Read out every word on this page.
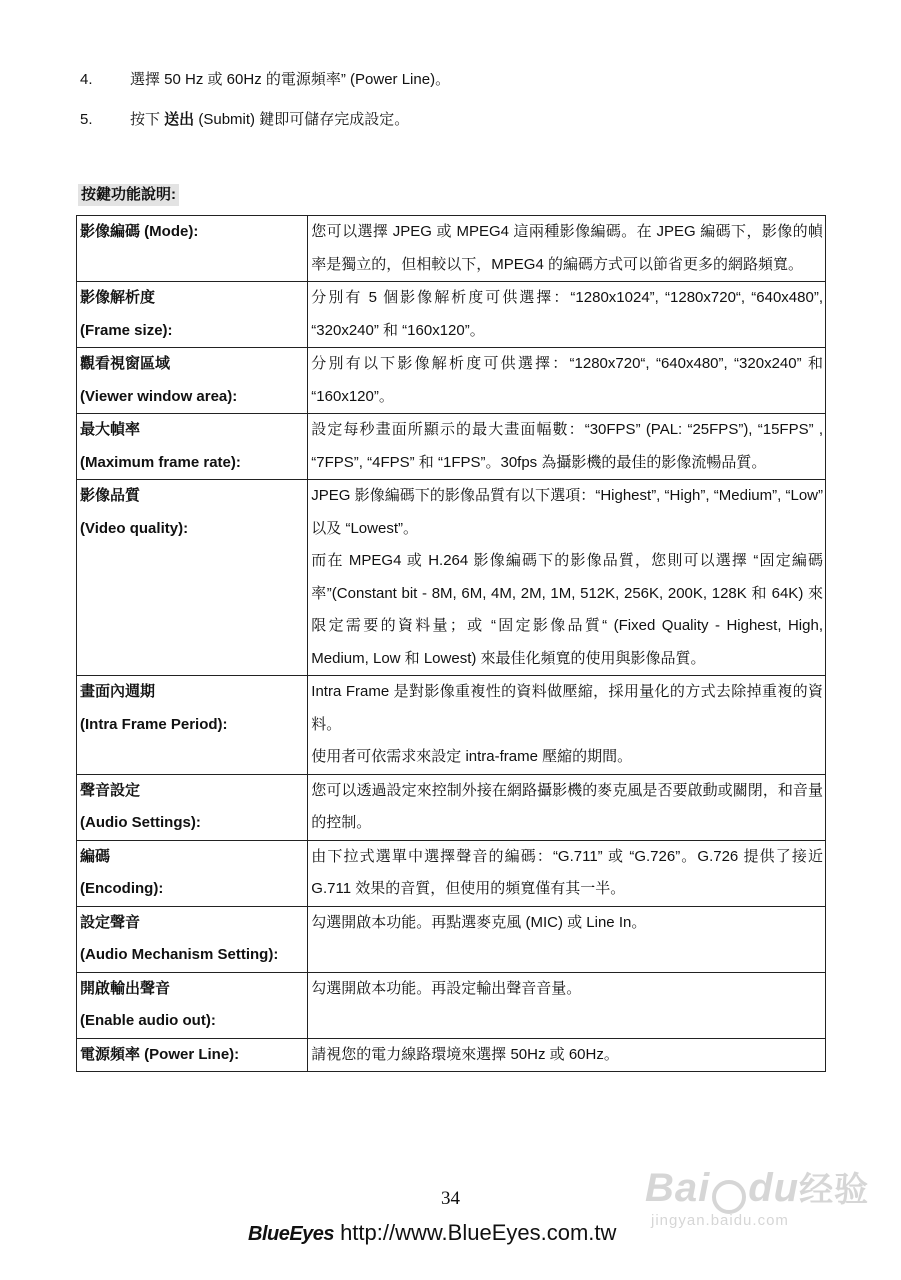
4. 選擇 50 Hz 或 60Hz 的電源頻率” (Power Line)。
5. 按下 送出 (Submit) 鍵即可儲存完成設定。
按鍵功能說明:
影像編碼 (Mode):	您可以選擇 JPEG 或 MPEG4 這兩種影像編碼。在 JPEG 編碼下，影像的幀率是獨立的，但相較以下，MPEG4 的編碼方式可以節省更多的網路頻寬。

影像解析度
(Frame size):	分別有 5 個影像解析度可供選擇：“1280x1024”, “1280x720“, “640x480”, “320x240” 和 “160x120”。

觀看視窗區域
(Viewer window area):	分別有以下影像解析度可供選擇：“1280x720“, “640x480”, “320x240” 和 “160x120”。

最大幀率
(Maximum frame rate):	設定每秒畫面所顯示的最大畫面幅數：“30FPS” (PAL: “25FPS”), “15FPS” , “7FPS”, “4FPS” 和 “1FPS”。30fps 為攝影機的最佳的影像流暢品質。

影像品質
(Video quality):	JPEG 影像編碼下的影像品質有以下選項：“Highest”, “High”, “Medium”, “Low” 以及 “Lowest”。
而在 MPEG4 或 H.264 影像編碼下的影像品質，您則可以選擇 “固定編碼率”(Constant bit - 8M, 6M, 4M, 2M, 1M, 512K, 256K, 200K, 128K 和 64K) 來限定需要的資料量；或 “固定影像品質“ (Fixed Quality - Highest, High, Medium, Low 和 Lowest) 來最佳化頻寬的使用與影像品質。

畫面內週期
(Intra Frame Period):	Intra Frame 是對影像重複性的資料做壓縮，採用量化的方式去除掉重複的資料。
使用者可依需求來設定 intra-frame 壓縮的期間。

聲音設定
(Audio Settings):	您可以透過設定來控制外接在網路攝影機的麥克風是否要啟動或關閉，和音量的控制。

編碼
(Encoding):	由下拉式選單中選擇聲音的編碼：“G.711” 或 “G.726”。G.726 提供了接近 G.711 效果的音質，但使用的頻寬僅有其一半。

設定聲音
(Audio Mechanism Setting):	勾選開啟本功能。再點選麥克風 (MIC) 或 Line In。

開啟輸出聲音
(Enable audio out):	勾選開啟本功能。再設定輸出聲音音量。

電源頻率 (Power Line):	請視您的電力線路環境來選擇 50Hz 或 60Hz。
34
BlueEyes http://www.BlueEyes.com.tw
Bai du经验
jingyan.baidu.com
